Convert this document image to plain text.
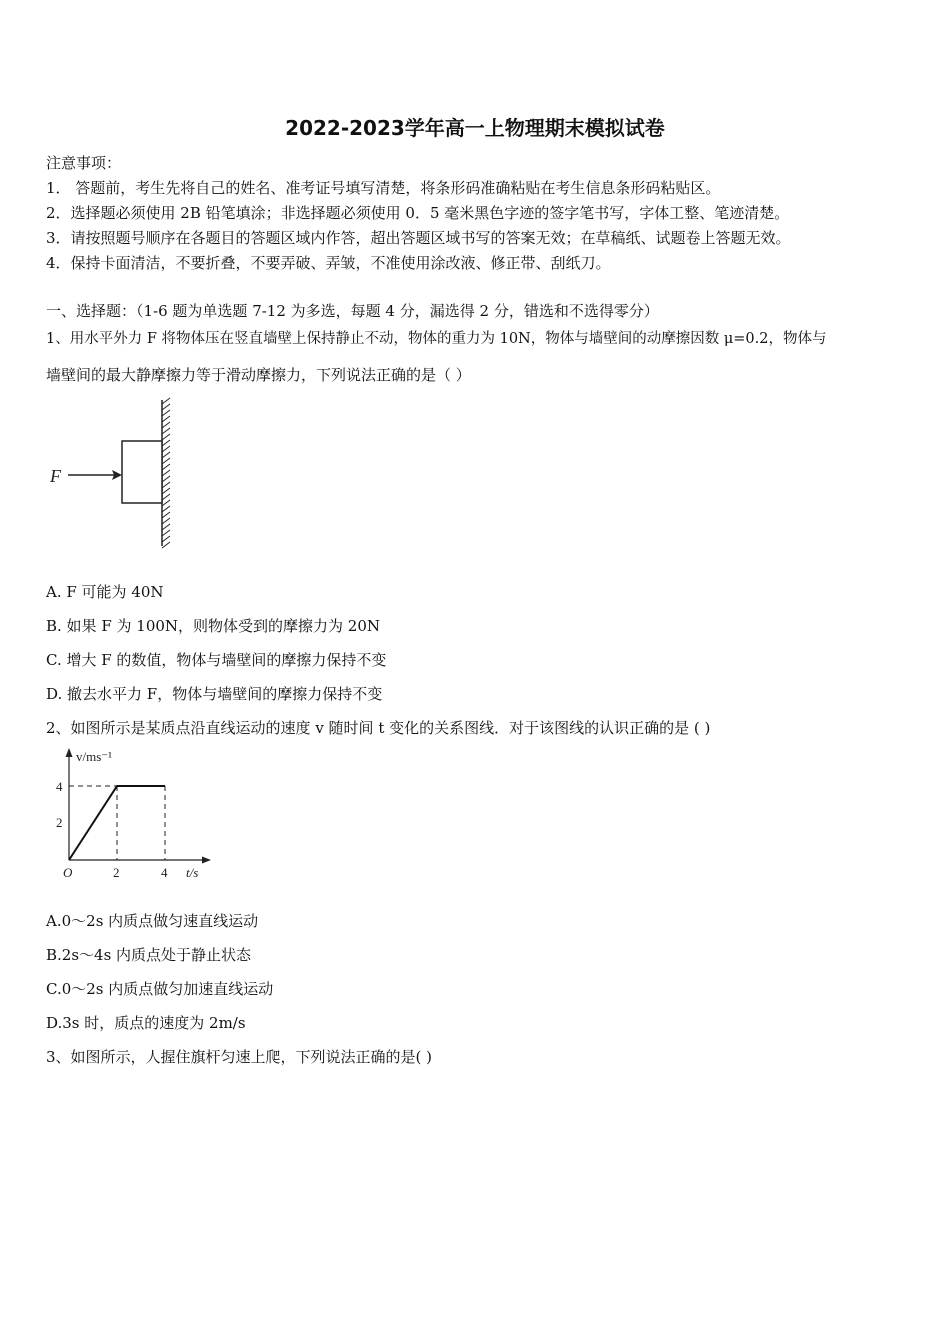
2022-2023学年高一上物理期末模拟试卷
注意事项：
1． 答题前，考生先将自己的姓名、准考证号填写清楚，将条形码准确粘贴在考生信息条形码粘贴区。
2．选择题必须使用 2B 铅笔填涂；非选择题必须使用 0．5 毫米黑色字迹的签字笔书写，字体工整、笔迹清楚。
3．请按照题号顺序在各题目的答题区域内作答，超出答题区域书写的答案无效；在草稿纸、试题卷上答题无效。
4．保持卡面清洁，不要折叠，不要弄破、弄皱，不准使用涂改液、修正带、刮纸刀。
一、选择题：（1-6 题为单选题 7-12 为多选，每题 4 分，漏选得 2 分，错选和不选得零分）
1、用水平外力 F 将物体压在竖直墙壁上保持静止不动，物体的重力为 10N，物体与墙壁间的动摩擦因数 μ=0.2，物体与
墙壁间的最大静摩擦力等于滑动摩擦力，下列说法正确的是（ ）
F
A. F 可能为 40N
B. 如果 F 为 100N，则物体受到的摩擦力为 20N
C. 增大 F 的数值，物体与墙壁间的摩擦力保持不变
D. 撤去水平力 F，物体与墙壁间的摩擦力保持不变
2、如图所示是某质点沿直线运动的速度 v 随时间 t 变化的关系图线．对于该图线的认识正确的是 ( )
v/ms⁻¹
t/s
O
4
2
2	4
A.0～2s 内质点做匀速直线运动
B.2s～4s 内质点处于静止状态
C.0～2s 内质点做匀加速直线运动
D.3s 时，质点的速度为 2m/s
3、如图所示，人握住旗杆匀速上爬，下列说法正确的是( )
